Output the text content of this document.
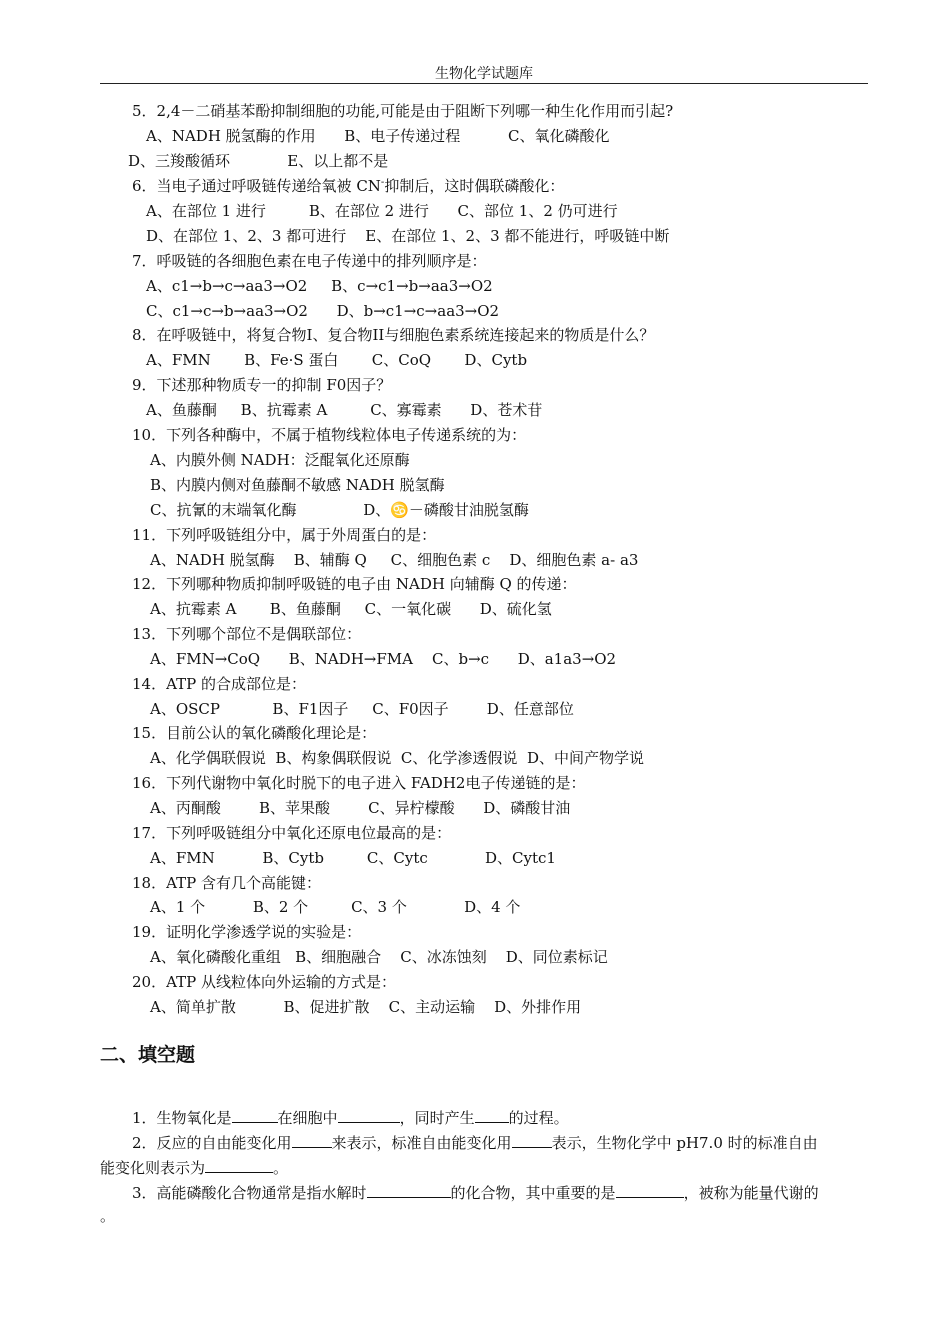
生物化学试题库
5．2,4－二硝基苯酚抑制细胞的功能,可能是由于阻断下列哪一种生化作用而引起?
A、NADH 脱氢酶的作用      B、电子传递过程          C、氧化磷酸化
D、三羧酸循环            E、以上都不是
6．当电子通过呼吸链传递给氧被 CN-抑制后，这时偶联磷酸化：
A、在部位 1 进行         B、在部位 2 进行      C、部位 1、2 仍可进行
D、在部位 1、2、3 都可进行    E、在部位 1、2、3 都不能进行，呼吸链中断
7．呼吸链的各细胞色素在电子传递中的排列顺序是：
A、c1→b→c→aa3→O2     B、c→c1→b→aa3→O2
C、c1→c→b→aa3→O2      D、b→c1→c→aa3→O2
8．在呼吸链中，将复合物I、复合物II与细胞色素系统连接起来的物质是什么？
A、FMN       B、Fe·S 蛋白       C、CoQ       D、Cytb
9．下述那种物质专一的抑制 F0因子？
A、鱼藤酮     B、抗霉素 A         C、寡霉素      D、苍术苷
10．下列各种酶中，不属于植物线粒体电子传递系统的为：
A、内膜外侧 NADH：泛醌氧化还原酶
B、内膜内侧对鱼藤酮不敏感 NADH 脱氢酶
C、抗氰的末端氧化酶              D、♋－磷酸甘油脱氢酶
11．下列呼吸链组分中，属于外周蛋白的是：
A、NADH 脱氢酶    B、辅酶 Q     C、细胞色素 c    D、细胞色素 a- a3
12．下列哪种物质抑制呼吸链的电子由 NADH 向辅酶 Q 的传递：
A、抗霉素 A       B、鱼藤酮     C、一氧化碳      D、硫化氢
13．下列哪个部位不是偶联部位：
A、FMN→CoQ      B、NADH→FMA    C、b→c      D、a1a3→O2
14．ATP 的合成部位是：
A、OSCP           B、F1因子     C、F0因子        D、任意部位
15．目前公认的氧化磷酸化理论是：
A、化学偶联假说  B、构象偶联假说  C、化学渗透假说  D、中间产物学说
16．下列代谢物中氧化时脱下的电子进入 FADH2电子传递链的是：
A、丙酮酸        B、苹果酸        C、异柠檬酸      D、磷酸甘油
17．下列呼吸链组分中氧化还原电位最高的是：
A、FMN          B、Cytb         C、Cytc            D、Cytc1
18．ATP 含有几个高能键：
A、1 个          B、2 个         C、3 个            D、4 个
19．证明化学渗透学说的实验是：
A、氧化磷酸化重组   B、细胞融合    C、冰冻蚀刻    D、同位素标记
20．ATP 从线粒体向外运输的方式是：
A、简单扩散          B、促进扩散    C、主动运输    D、外排作用
二、填空题
1．生物氧化是	在细胞中	，同时产生 的过程。
2．反应的自由能变化用	来表示，标准自由能变化用	表示，生物化学中 pH7.0 时的标准自由
能变化则表示为	。
3．高能磷酸化合物通常是指水解时	的化合物，其中重要的是	，被称为能量代谢的
。
